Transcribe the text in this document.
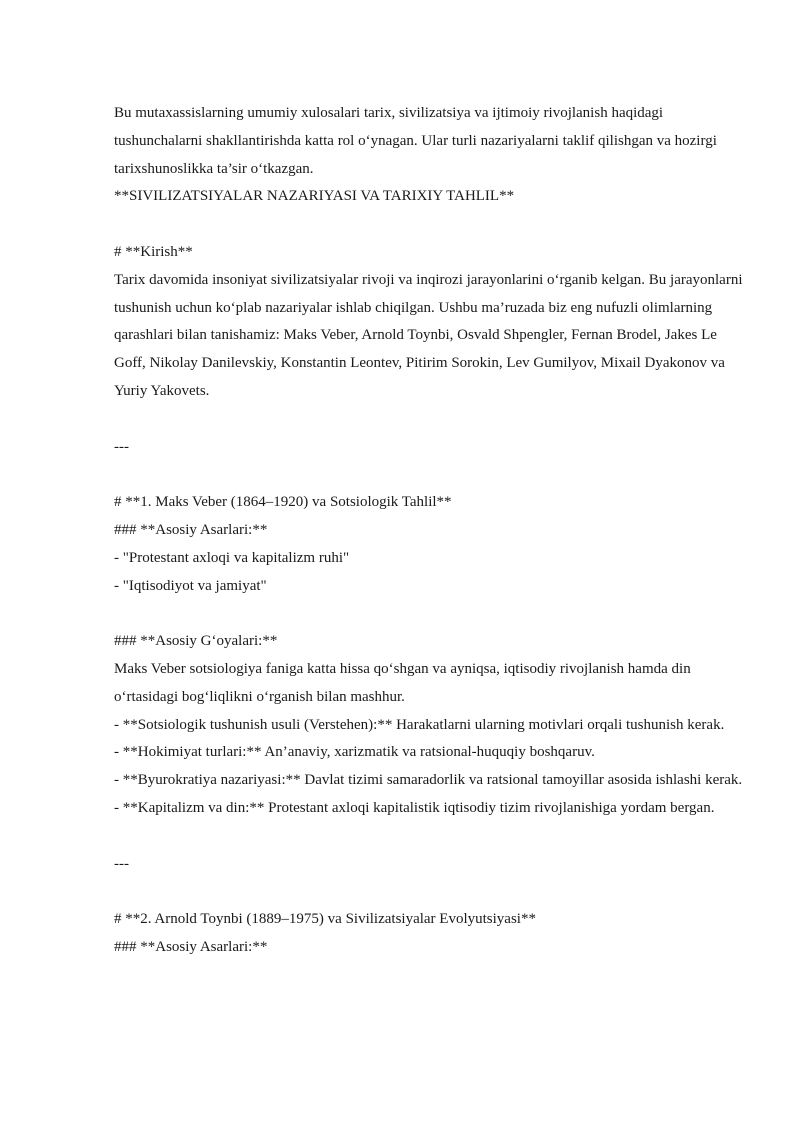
Bu mutaxassislarning umumiy xulosalari tarix, sivilizatsiya va ijtimoiy rivojlanish haqidagi tushunchalarni shakllantirishda katta rol o‘ynagan. Ular turli nazariyalarni taklif qilishgan va hozirgi tarixshunoslikka ta’sir o‘tkazgan.

**SIVILIZATSIYALAR NAZARIYASI VA TARIXIY TAHLIL**

# **Kirish**

Tarix davomida insoniyat sivilizatsiyalar rivoji va inqirozi jarayonlarini o‘rganib kelgan. Bu jarayonlarni tushunish uchun ko‘plab nazariyalar ishlab chiqilgan. Ushbu ma’ruzada biz eng nufuzli olimlarning qarashlari bilan tanishamiz: Maks Veber, Arnold Toynbi, Osvald Shpengler, Fernan Brodel, Jakes Le Goff, Nikolay Danilevskiy, Konstantin Leontev, Pitirim Sorokin, Lev Gumilyov, Mixail Dyakonov va Yuriy Yakovets.

---

# **1. Maks Veber (1864–1920) va Sotsiologik Tahlil**

### **Asosiy Asarlari:**

- "Protestant axloqi va kapitalizm ruhi"

- "Iqtisodiyot va jamiyat"

### **Asosiy G‘oyalari:**

Maks Veber sotsiologiya faniga katta hissa qo‘shgan va ayniqsa, iqtisodiy rivojlanish hamda din o‘rtasidagi bog‘liqlikni o‘rganish bilan mashhur.

- **Sotsiologik tushunish usuli (Verstehen):** Harakatlarni ularning motivlari orqali tushunish kerak.

- **Hokimiyat turlari:** An’anaviy, xarizmatik va ratsional-huquqiy boshqaruv.

- **Byurokratiya nazariyasi:** Davlat tizimi samaradorlik va ratsional tamoyillar asosida ishlashi kerak.

- **Kapitalizm va din:** Protestant axloqi kapitalistik iqtisodiy tizim rivojlanishiga yordam bergan.

---

# **2. Arnold Toynbi (1889–1975) va Sivilizatsiyalar Evolyutsiyasi**

### **Asosiy Asarlari:**
